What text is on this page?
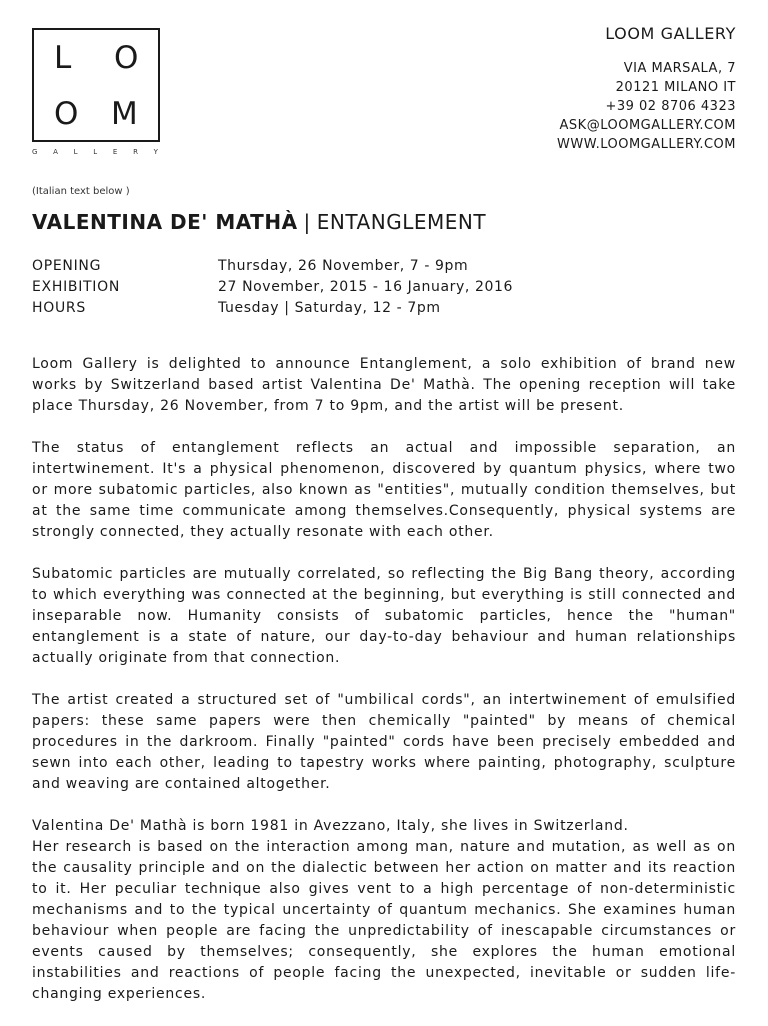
L O
O M
G A L L E R Y
LOOM GALLERY
VIA MARSALA, 7
20121 MILANO IT
+39 02 8706 4323
ASK@LOOMGALLERY.COM
WWW.LOOMGALLERY.COM
(Italian text below )
VALENTINA DE' MATHÀ | ENTANGLEMENT
OPENING	Thursday, 26 November, 7 - 9pm
EXHIBITION	27 November, 2015 - 16 January, 2016
HOURS	Tuesday | Saturday, 12 - 7pm

Loom Gallery is delighted to announce Entanglement, a solo exhibition of brand new works by Switzerland based artist Valentina De' Mathà. The opening reception will take place Thursday, 26 November, from 7 to 9pm, and the artist will be present.

The status of entanglement reflects an actual and impossible separation, an intertwinement. It's a physical phenomenon, discovered by quantum physics, where two or more subatomic particles, also known as "entities", mutually condition themselves, but at the same time communicate among themselves.Consequently, physical systems are strongly connected, they actually resonate with each other.

Subatomic particles are mutually correlated, so reflecting the Big Bang theory, according to which everything was connected at the beginning, but everything is still connected and inseparable now. Humanity consists of subatomic particles, hence the "human" entanglement is a state of nature, our day-to-day behaviour and human relationships actually originate from that connection.

The artist created a structured set of "umbilical cords", an intertwinement of emulsified papers: these same papers were then chemically "painted" by means of chemical procedures in the darkroom. Finally "painted" cords have been precisely embedded and sewn into each other, leading to tapestry works where painting, photography, sculpture and weaving are contained altogether.

Valentina De' Mathà is born 1981 in Avezzano, Italy, she lives in Switzerland.

Her research is based on the interaction among man, nature and mutation, as well as on the causality principle and on the dialectic between her action on matter and its reaction to it. Her peculiar technique also gives vent to a high percentage of non-deterministic mechanisms and to the typical uncertainty of quantum mechanics. She examines human behaviour when people are facing the unpredictability of inescapable circumstances or events caused by themselves; consequently, she explores the human emotional instabilities and reactions of people facing the unexpected, inevitable or sudden life-changing experiences.
